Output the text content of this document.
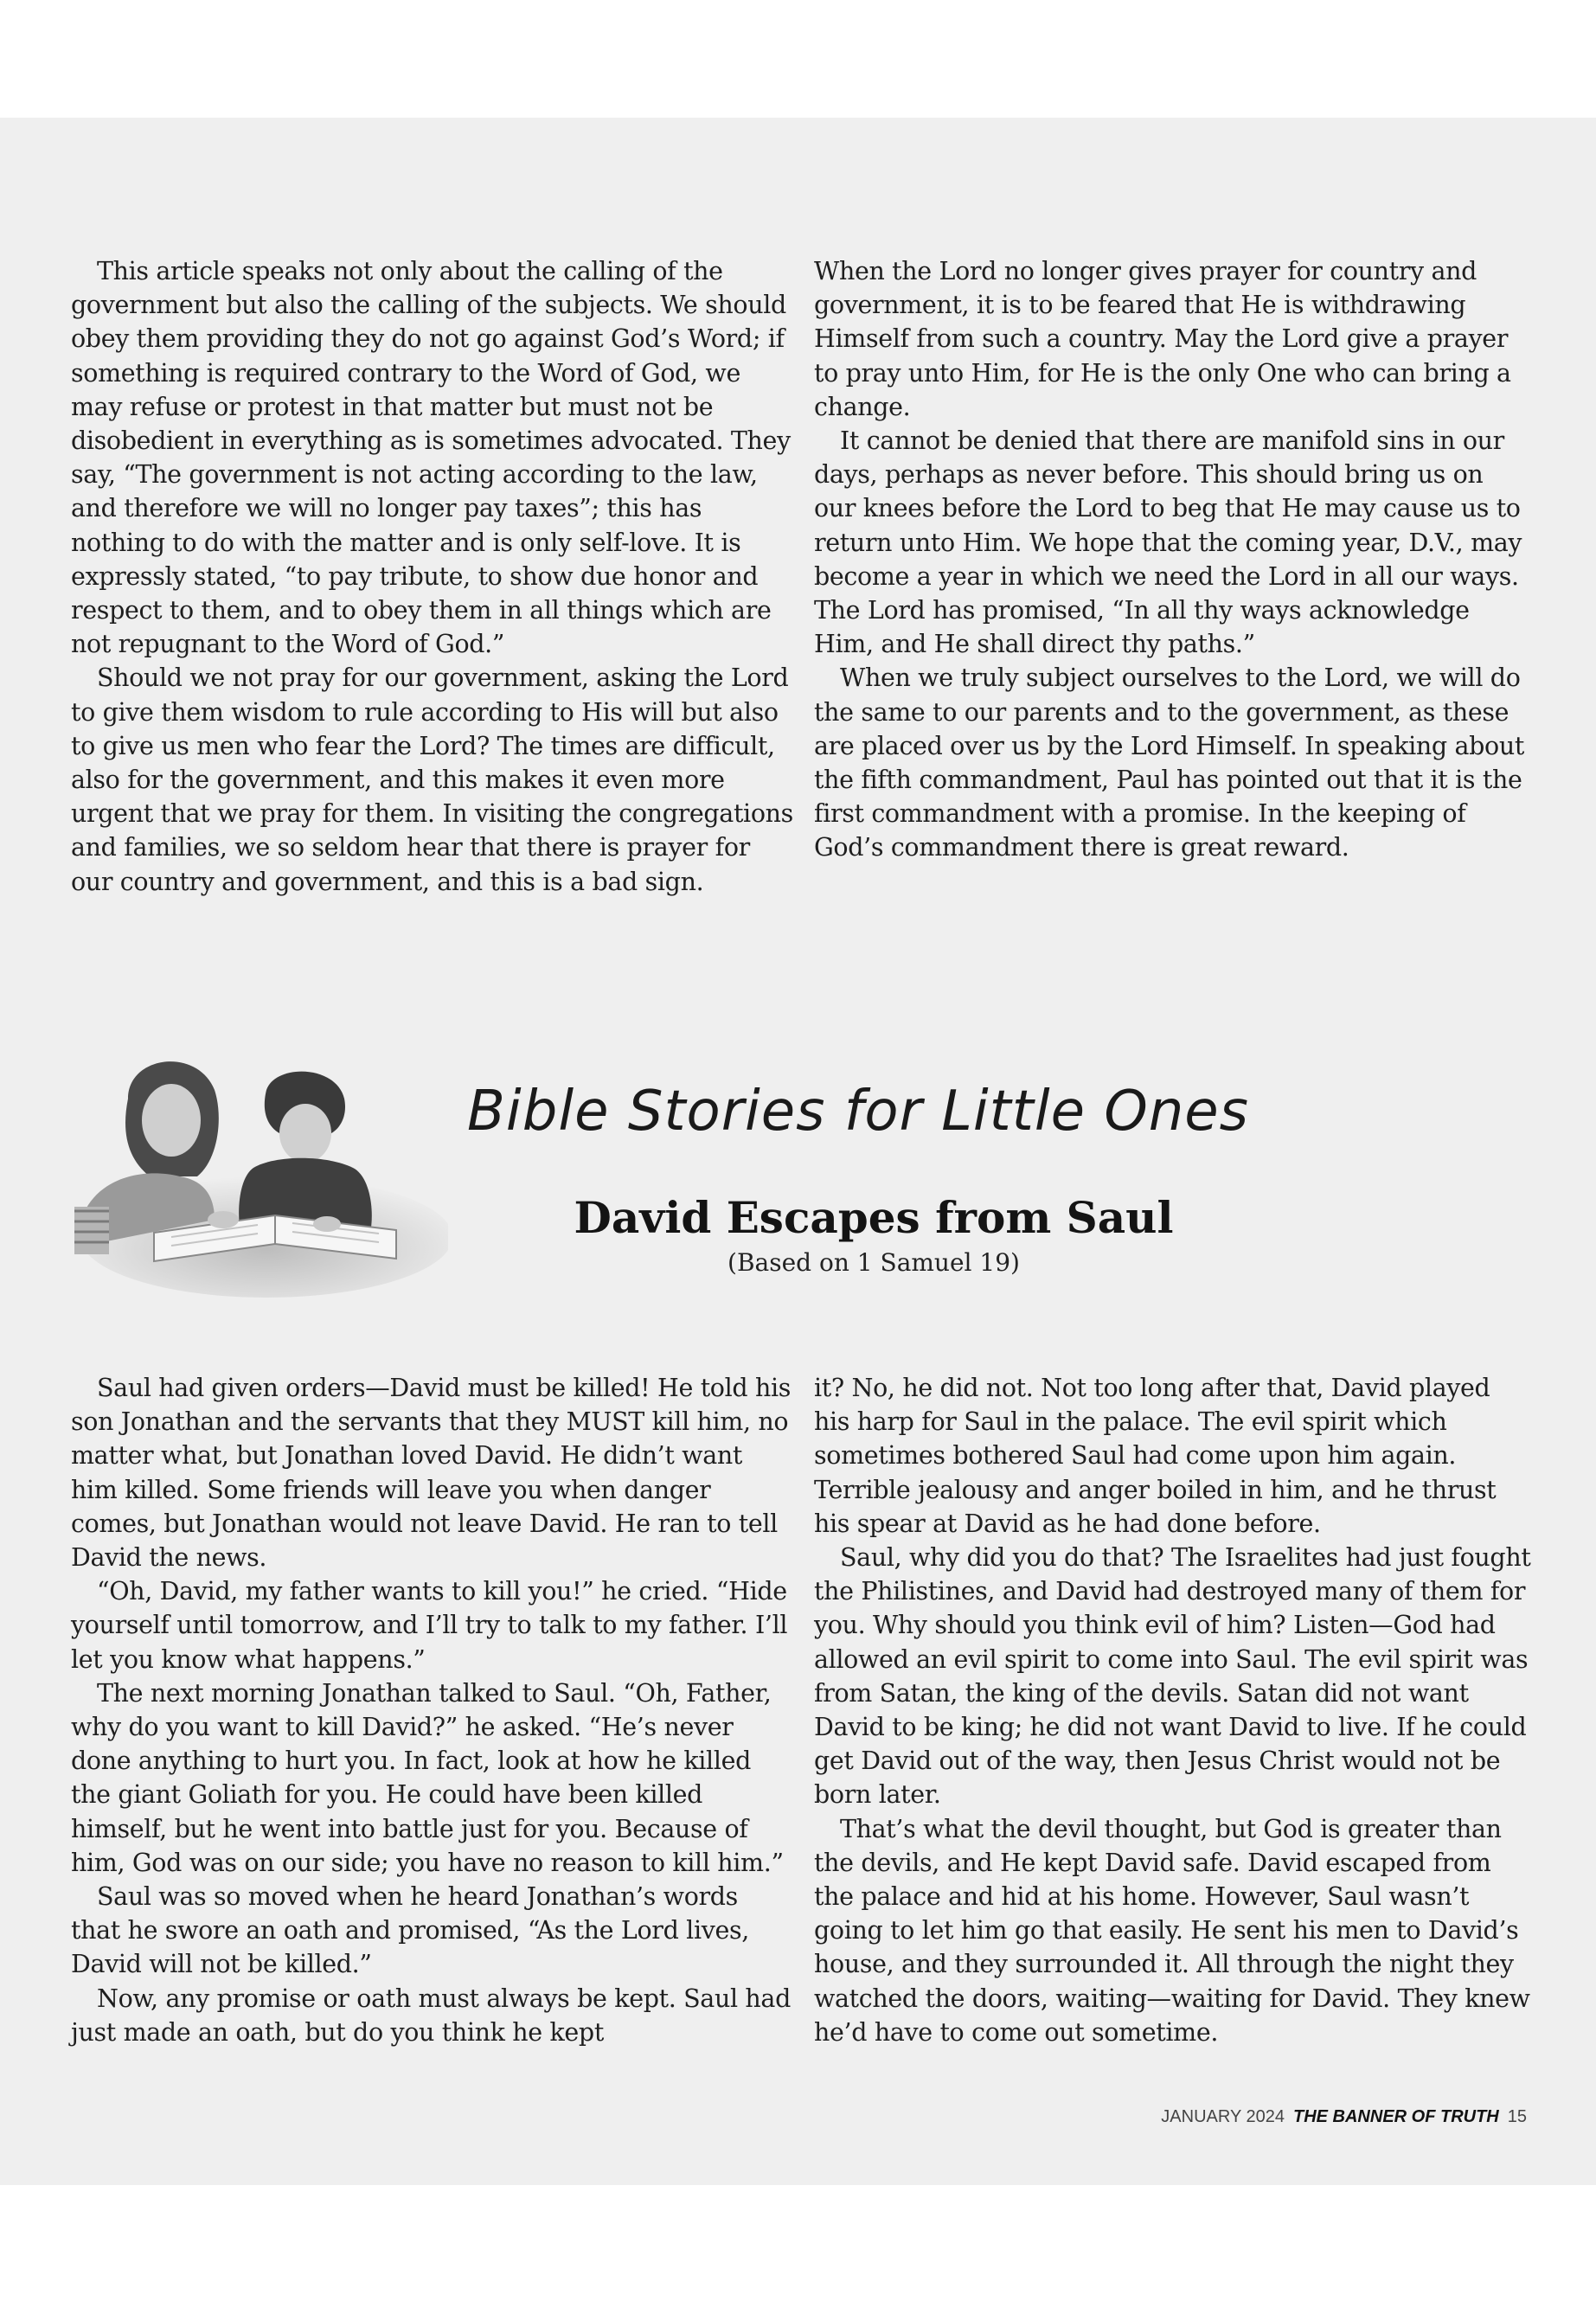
This article speaks not only about the calling of the government but also the calling of the subjects. We should obey them providing they do not go against God’s Word; if something is required contrary to the Word of God, we may refuse or protest in that matter but must not be disobedient in everything as is sometimes advocated. They say, “The government is not acting according to the law, and therefore we will no longer pay taxes”; this has nothing to do with the matter and is only self-love. It is expressly stated, “to pay tribute, to show due honor and respect to them, and to obey them in all things which are not repugnant to the Word of God.”

Should we not pray for our government, asking the Lord to give them wisdom to rule according to His will but also to give us men who fear the Lord? The times are difficult, also for the government, and this makes it even more urgent that we pray for them. In visiting the congregations and families, we so seldom hear that there is prayer for our country and government, and this is a bad sign.

When the Lord no longer gives prayer for country and government, it is to be feared that He is withdrawing Himself from such a country. May the Lord give a prayer to pray unto Him, for He is the only One who can bring a change.

It cannot be denied that there are manifold sins in our days, perhaps as never before. This should bring us on our knees before the Lord to beg that He may cause us to return unto Him. We hope that the coming year, D.V., may become a year in which we need the Lord in all our ways. The Lord has promised, “In all thy ways acknowledge Him, and He shall direct thy paths.”

When we truly subject ourselves to the Lord, we will do the same to our parents and to the government, as these are placed over us by the Lord Himself. In speaking about the fifth commandment, Paul has pointed out that it is the first commandment with a promise. In the keeping of God’s commandment there is great reward.

Bible Stories for Little Ones
David Escapes from Saul
(Based on 1 Samuel 19)

Saul had given orders—David must be killed! He told his son Jonathan and the servants that they MUST kill him, no matter what, but Jonathan loved David. He didn’t want him killed. Some friends will leave you when danger comes, but Jonathan would not leave David. He ran to tell David the news.

“Oh, David, my father wants to kill you!” he cried. “Hide yourself until tomorrow, and I’ll try to talk to my father. I’ll let you know what happens.”

The next morning Jonathan talked to Saul. “Oh, Father, why do you want to kill David?” he asked. “He’s never done anything to hurt you. In fact, look at how he killed the giant Goliath for you. He could have been killed himself, but he went into battle just for you. Because of him, God was on our side; you have no reason to kill him.”

Saul was so moved when he heard Jonathan’s words that he swore an oath and promised, “As the Lord lives, David will not be killed.”

Now, any promise or oath must always be kept. Saul had just made an oath, but do you think he kept

it? No, he did not. Not too long after that, David played his harp for Saul in the palace. The evil spirit which sometimes bothered Saul had come upon him again. Terrible jealousy and anger boiled in him, and he thrust his spear at David as he had done before.

Saul, why did you do that? The Israelites had just fought the Philistines, and David had destroyed many of them for you. Why should you think evil of him? Listen—God had allowed an evil spirit to come into Saul. The evil spirit was from Satan, the king of the devils. Satan did not want David to be king; he did not want David to live. If he could get David out of the way, then Jesus Christ would not be born later.

That’s what the devil thought, but God is greater than the devils, and He kept David safe. David escaped from the palace and hid at his home. However, Saul wasn’t going to let him go that easily. He sent his men to David’s house, and they surrounded it. All through the night they watched the doors, waiting—waiting for David. They knew he’d have to come out sometime.

JANUARY 2024 THE BANNER OF TRUTH 15
